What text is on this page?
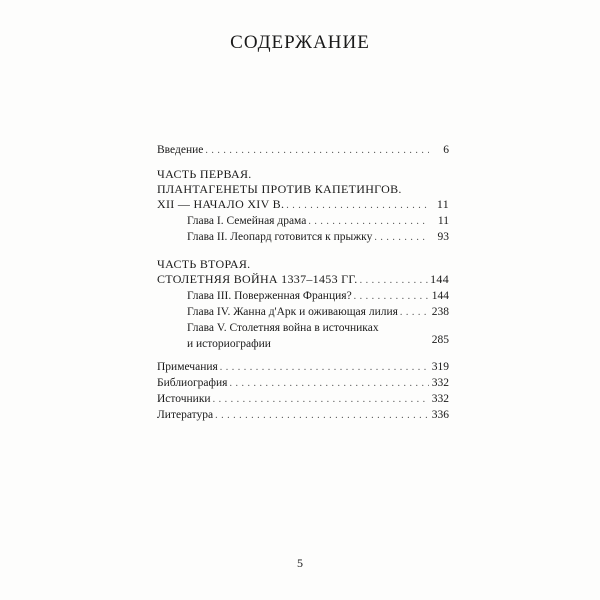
СОДЕРЖАНИЕ
Введение . . .	6
ЧАСТЬ ПЕРВАЯ.
ПЛАНТАГЕНЕТЫ ПРОТИВ КАПЕТИНГОВ.
XII — НАЧАЛО XIV В. . . .	11
Глава I. Семейная драма . . .	11
Глава II. Леопард готовится к прыжку . . .	93
ЧАСТЬ ВТОРАЯ.
СТОЛЕТНЯЯ ВОЙНА 1337–1453 ГГ. . . .	144
Глава III. Поверженная Франция? . . .	144
Глава IV. Жанна д'Арк и оживающая лилия . . .	238
Глава V. Столетняя война в источниках
и историографии	285
Примечания . . .	319
Библиография . . .	332
Источники . . .	332
Литература . . .	336
5
